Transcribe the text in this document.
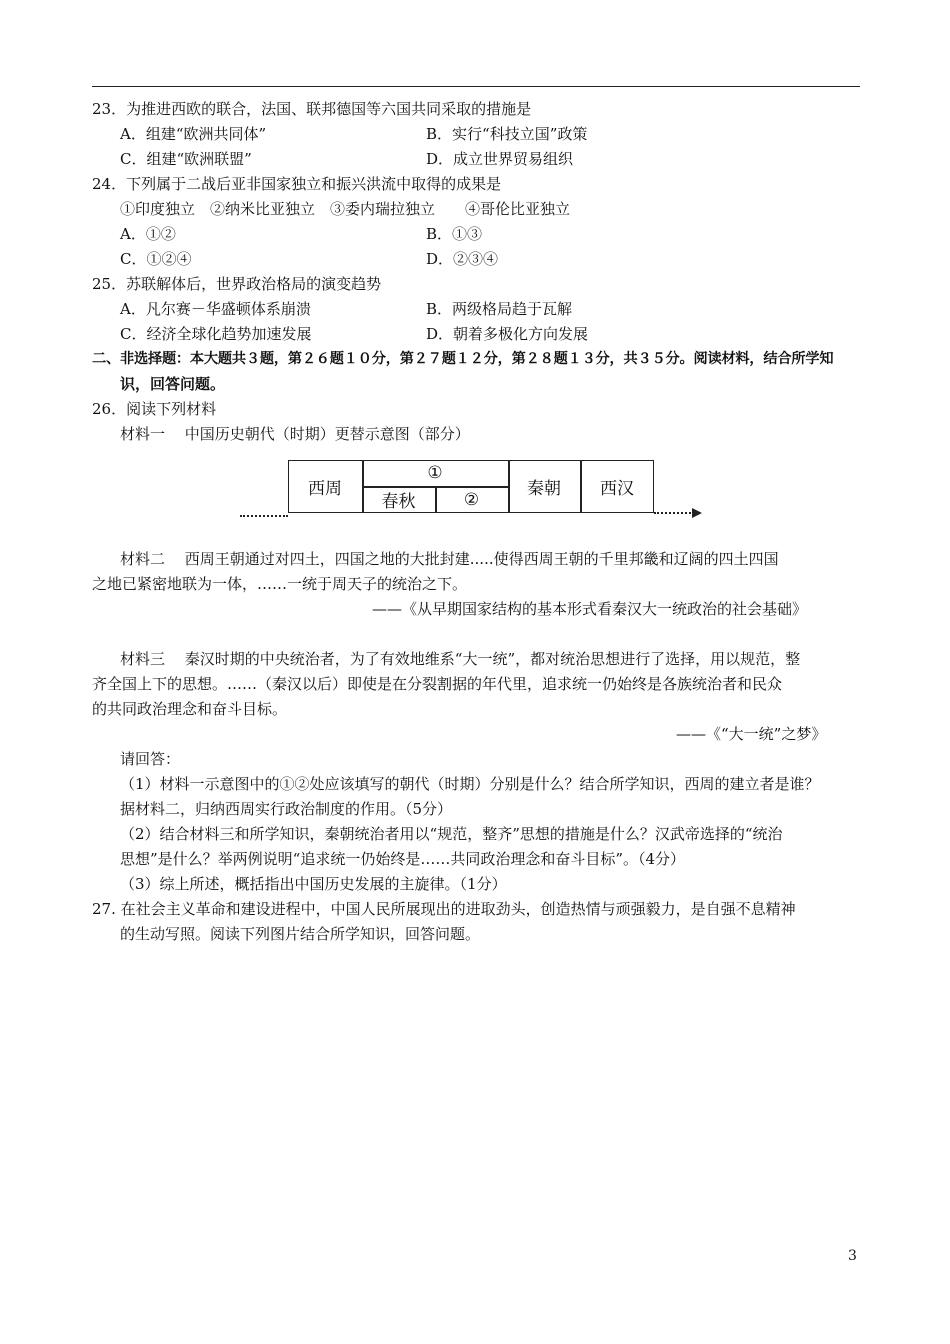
23．为推进西欧的联合，法国、联邦德国等六国共同采取的措施是
A．组建“欧洲共同体”	B．实行“科技立国”政策
C．组建“欧洲联盟”	D．成立世界贸易组织
24．下列属于二战后亚非国家独立和振兴洪流中取得的成果是
①印度独立　②纳米比亚独立　③委内瑞拉独立　　④哥伦比亚独立
A．①②	B．①③
C．①②④	D．②③④
25．苏联解体后，世界政治格局的演变趋势
A．凡尔赛－华盛顿体系崩溃	B．两级格局趋于瓦解
C．经济全球化趋势加速发展	D．朝着多极化方向发展
二、非选择题：本大题共３题，第２６题１０分，第２７题１２分，第２８题１３分，共３５分。阅读材料，结合所学知
识，回答问题。
26．阅读下列材料
材料一　 中国历史朝代（时期）更替示意图（部分）
西周
①
春秋	②
秦朝	西汉
材料二　 西周王朝通过对四土，四国之地的大批封建.....使得西周王朝的千里邦畿和辽阔的四土四国
之地已紧密地联为一体，……一统于周天子的统治之下。
——《从早期国家结构的基本形式看秦汉大一统政治的社会基础》
材料三　 秦汉时期的中央统治者，为了有效地维系“大一统”，都对统治思想进行了选择，用以规范，整
齐全国上下的思想。……（秦汉以后）即使是在分裂割据的年代里，追求统一仍始终是各族统治者和民众
的共同政治理念和奋斗目标。
——《“大一统”之梦》
请回答：
（1）材料一示意图中的①②处应该填写的朝代（时期）分别是什么？结合所学知识，西周的建立者是谁？
据材料二，归纳西周实行政治制度的作用。（5分）
（2）结合材料三和所学知识，秦朝统治者用以“规范，整齐”思想的措施是什么？汉武帝选择的“统治
思想”是什么？举两例说明“追求统一仍始终是……共同政治理念和奋斗目标”。（4分）
（3）综上所述，概括指出中国历史发展的主旋律。（1分）
27. 在社会主义革命和建设进程中，中国人民所展现出的进取劲头，创造热情与顽强毅力，是自强不息精神
的生动写照。阅读下列图片结合所学知识，回答问题。
3
